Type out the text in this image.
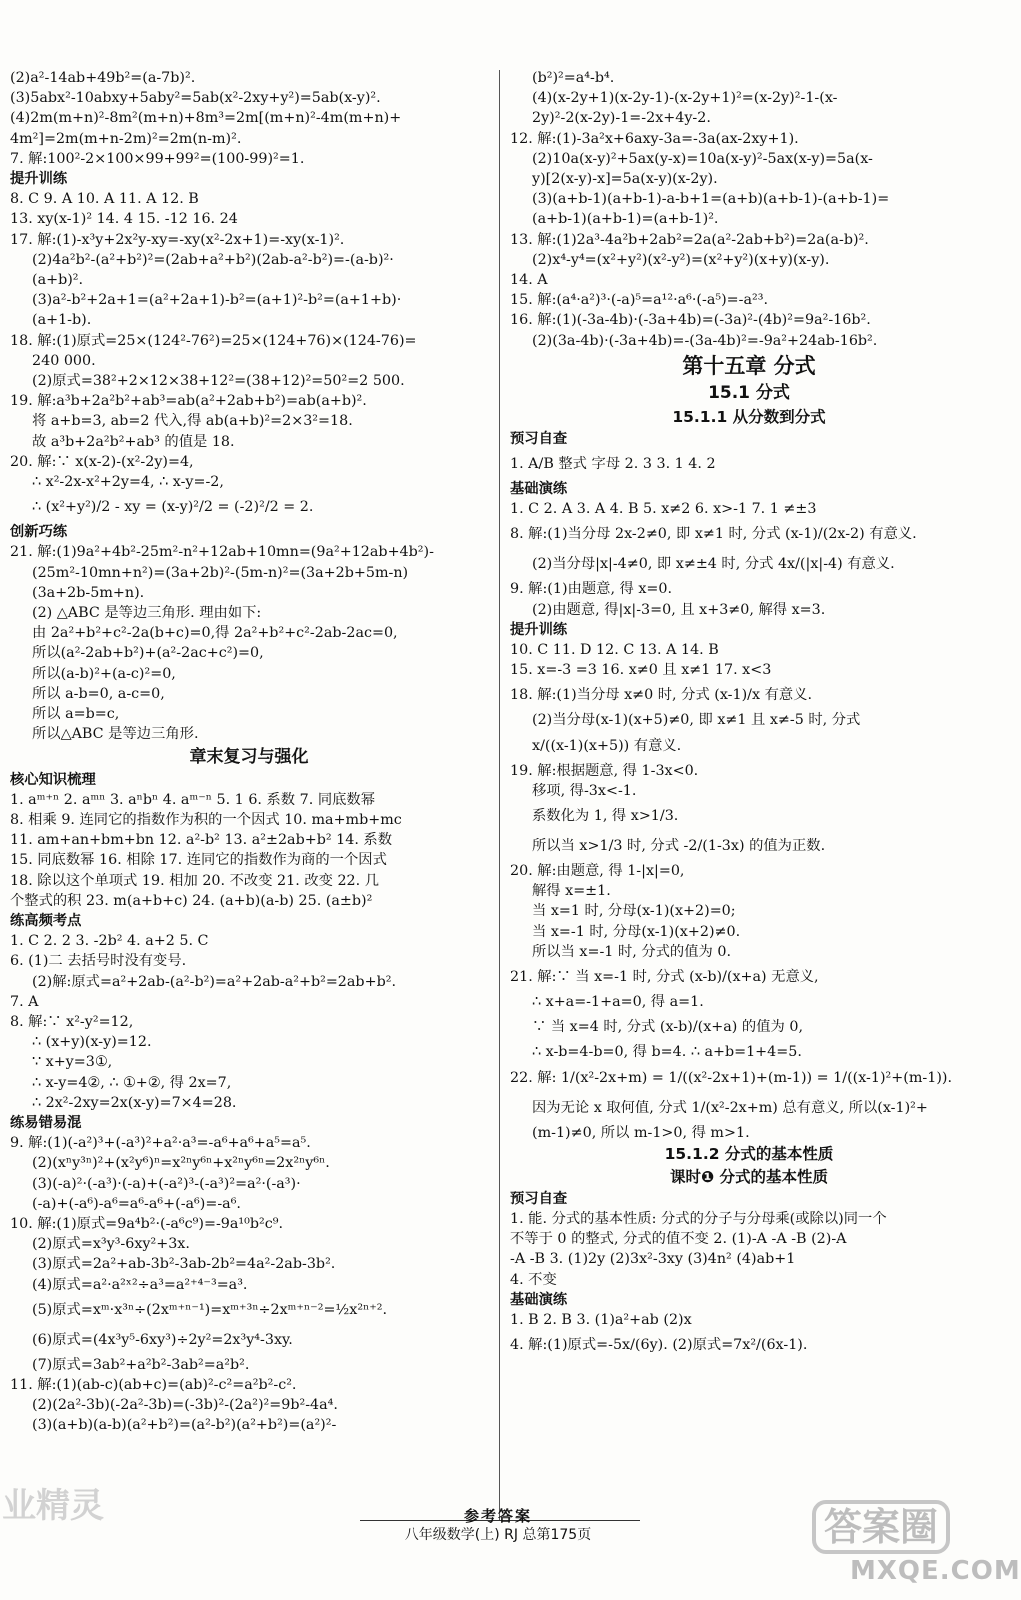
(2)a²-14ab+49b²=(a-7b)².
(3)5abx²-10abxy+5aby²=5ab(x²-2xy+y²)=5ab(x-y)².
(4)2m(m+n)²-8m²(m+n)+8m³=2m[(m+n)²-4m(m+n)+
4m²]=2m(m+n-2m)²=2m(n-m)².
7. 解:100²-2×100×99+99²=(100-99)²=1.
提升训练
8. C 9. A 10. A 11. A 12. B
13. xy(x-1)² 14. 4 15. -12 16. 24
17. 解:(1)-x³y+2x²y-xy=-xy(x²-2x+1)=-xy(x-1)².
(2)4a²b²-(a²+b²)²=(2ab+a²+b²)(2ab-a²-b²)=-(a-b)²·
(a+b)².
(3)a²-b²+2a+1=(a²+2a+1)-b²=(a+1)²-b²=(a+1+b)·
(a+1-b).
18. 解:(1)原式=25×(124²-76²)=25×(124+76)×(124-76)=
240 000.
(2)原式=38²+2×12×38+12²=(38+12)²=50²=2 500.
19. 解:a³b+2a²b²+ab³=ab(a²+2ab+b²)=ab(a+b)².
将 a+b=3, ab=2 代入,得 ab(a+b)²=2×3²=18.
故 a³b+2a²b²+ab³ 的值是 18.
20. 解:∵ x(x-2)-(x²-2y)=4,
∴ x²-2x-x²+2y=4, ∴ x-y=-2,
∴ (x²+y²)/2 - xy = (x-y)²/2 = (-2)²/2 = 2.
创新巧练
21. 解:(1)9a²+4b²-25m²-n²+12ab+10mn=(9a²+12ab+4b²)-
(25m²-10mn+n²)=(3a+2b)²-(5m-n)²=(3a+2b+5m-n)
(3a+2b-5m+n).
(2) △ABC 是等边三角形. 理由如下:
由 2a²+b²+c²-2a(b+c)=0,得 2a²+b²+c²-2ab-2ac=0,
所以(a²-2ab+b²)+(a²-2ac+c²)=0,
所以(a-b)²+(a-c)²=0,
所以 a-b=0, a-c=0,
所以 a=b=c,
所以△ABC 是等边三角形.
章末复习与强化
核心知识梳理
1. aᵐ⁺ⁿ 2. aᵐⁿ 3. aⁿbⁿ 4. aᵐ⁻ⁿ 5. 1 6. 系数 7. 同底数幂
8. 相乘 9. 连同它的指数作为积的一个因式 10. ma+mb+mc
11. am+an+bm+bn 12. a²-b² 13. a²±2ab+b² 14. 系数
15. 同底数幂 16. 相除 17. 连同它的指数作为商的一个因式
18. 除以这个单项式 19. 相加 20. 不改变 21. 改变 22. 几
个整式的积 23. m(a+b+c) 24. (a+b)(a-b) 25. (a±b)²
练高频考点
1. C 2. 2 3. -2b² 4. a+2 5. C
6. (1)二 去括号时没有变号.
(2)解:原式=a²+2ab-(a²-b²)=a²+2ab-a²+b²=2ab+b².
7. A
8. 解:∵ x²-y²=12,
∴ (x+y)(x-y)=12.
∵ x+y=3①,
∴ x-y=4②, ∴ ①+②, 得 2x=7,
∴ 2x²-2xy=2x(x-y)=7×4=28.
练易错易混
9. 解:(1)(-a²)³+(-a³)²+a²·a³=-a⁶+a⁶+a⁵=a⁵.
(2)(xⁿy³ⁿ)²+(x²y⁶)ⁿ=x²ⁿy⁶ⁿ+x²ⁿy⁶ⁿ=2x²ⁿy⁶ⁿ.
(3)(-a)²·(-a³)·(-a)+(-a²)³-(-a³)²=a²·(-a³)·
(-a)+(-a⁶)-a⁶=a⁶-a⁶+(-a⁶)=-a⁶.
10. 解:(1)原式=9a⁴b²·(-a⁶c⁹)=-9a¹⁰b²c⁹.
(2)原式=x³y³-6xy²+3x.
(3)原式=2a²+ab-3b²-3ab-2b²=4a²-2ab-3b².
(4)原式=a²·a²ˣ²÷a³=a²⁺⁴⁻³=a³.
(5)原式=xᵐ·x³ⁿ÷(2xᵐ⁺ⁿ⁻¹)=xᵐ⁺³ⁿ÷2xᵐ⁺ⁿ⁻²=½x²ⁿ⁺².
(6)原式=(4x³y⁵-6xy³)÷2y²=2x³y⁴-3xy.
(7)原式=3ab²+a²b²-3ab²=a²b².
11. 解:(1)(ab-c)(ab+c)=(ab)²-c²=a²b²-c².
(2)(2a²-3b)(-2a²-3b)=(-3b)²-(2a²)²=9b²-4a⁴.
(3)(a+b)(a-b)(a²+b²)=(a²-b²)(a²+b²)=(a²)²-
(b²)²=a⁴-b⁴.
(4)(x-2y+1)(x-2y-1)-(x-2y+1)²=(x-2y)²-1-(x-
2y)²-2(x-2y)-1=-2x+4y-2.
12. 解:(1)-3a²x+6axy-3a=-3a(ax-2xy+1).
(2)10a(x-y)²+5ax(y-x)=10a(x-y)²-5ax(x-y)=5a(x-
y)[2(x-y)-x]=5a(x-y)(x-2y).
(3)(a+b-1)(a+b-1)-a-b+1=(a+b)(a+b-1)-(a+b-1)=
(a+b-1)(a+b-1)=(a+b-1)².
13. 解:(1)2a³-4a²b+2ab²=2a(a²-2ab+b²)=2a(a-b)².
(2)x⁴-y⁴=(x²+y²)(x²-y²)=(x²+y²)(x+y)(x-y).
14. A
15. 解:(a⁴·a²)³·(-a)⁵=a¹²·a⁶·(-a⁵)=-a²³.
16. 解:(1)(-3a-4b)·(-3a+4b)=(-3a)²-(4b)²=9a²-16b².
(2)(3a-4b)·(-3a+4b)=-(3a-4b)²=-9a²+24ab-16b².
第十五章 分式
15.1 分式
15.1.1 从分数到分式
预习自查
1. A/B 整式 字母 2. 3 3. 1 4. 2
基础演练
1. C 2. A 3. A 4. B 5. x≠2 6. x>-1 7. 1 ≠±3
8. 解:(1)当分母 2x-2≠0, 即 x≠1 时, 分式 (x-1)/(2x-2) 有意义.
(2)当分母|x|-4≠0, 即 x≠±4 时, 分式 4x/(|x|-4) 有意义.
9. 解:(1)由题意, 得 x=0.
(2)由题意, 得|x|-3=0, 且 x+3≠0, 解得 x=3.
提升训练
10. C 11. D 12. C 13. A 14. B
15. x=-3 =3 16. x≠0 且 x≠1 17. x<3
18. 解:(1)当分母 x≠0 时, 分式 (x-1)/x 有意义.
(2)当分母(x-1)(x+5)≠0, 即 x≠1 且 x≠-5 时, 分式
x/((x-1)(x+5)) 有意义.
19. 解:根据题意, 得 1-3x<0.
移项, 得-3x<-1.
系数化为 1, 得 x>1/3.
所以当 x>1/3 时, 分式 -2/(1-3x) 的值为正数.
20. 解:由题意, 得 1-|x|=0,
解得 x=±1.
当 x=1 时, 分母(x-1)(x+2)=0;
当 x=-1 时, 分母(x-1)(x+2)≠0.
所以当 x=-1 时, 分式的值为 0.
21. 解:∵ 当 x=-1 时, 分式 (x-b)/(x+a) 无意义,
∴ x+a=-1+a=0, 得 a=1.
∵ 当 x=4 时, 分式 (x-b)/(x+a) 的值为 0,
∴ x-b=4-b=0, 得 b=4. ∴ a+b=1+4=5.
22. 解: 1/(x²-2x+m) = 1/((x²-2x+1)+(m-1)) = 1/((x-1)²+(m-1)).
因为无论 x 取何值, 分式 1/(x²-2x+m) 总有意义, 所以(x-1)²+
(m-1)≠0, 所以 m-1>0, 得 m>1.
15.1.2 分式的基本性质
课时❶ 分式的基本性质
预习自查
1. 能. 分式的基本性质: 分式的分子与分母乘(或除以)同一个
不等于 0 的整式, 分式的值不变 2. (1)-A -A -B (2)-A
-A -B 3. (1)2y (2)3x²-3xy (3)4n² (4)ab+1
4. 不变
基础演练
1. B 2. B 3. (1)a²+ab (2)x
4. 解:(1)原式=-5x/(6y). (2)原式=7x²/(6x-1).
参考答案
八年级数学(上) RJ 总第175页
业精灵	答案圈
MXQE.COM
